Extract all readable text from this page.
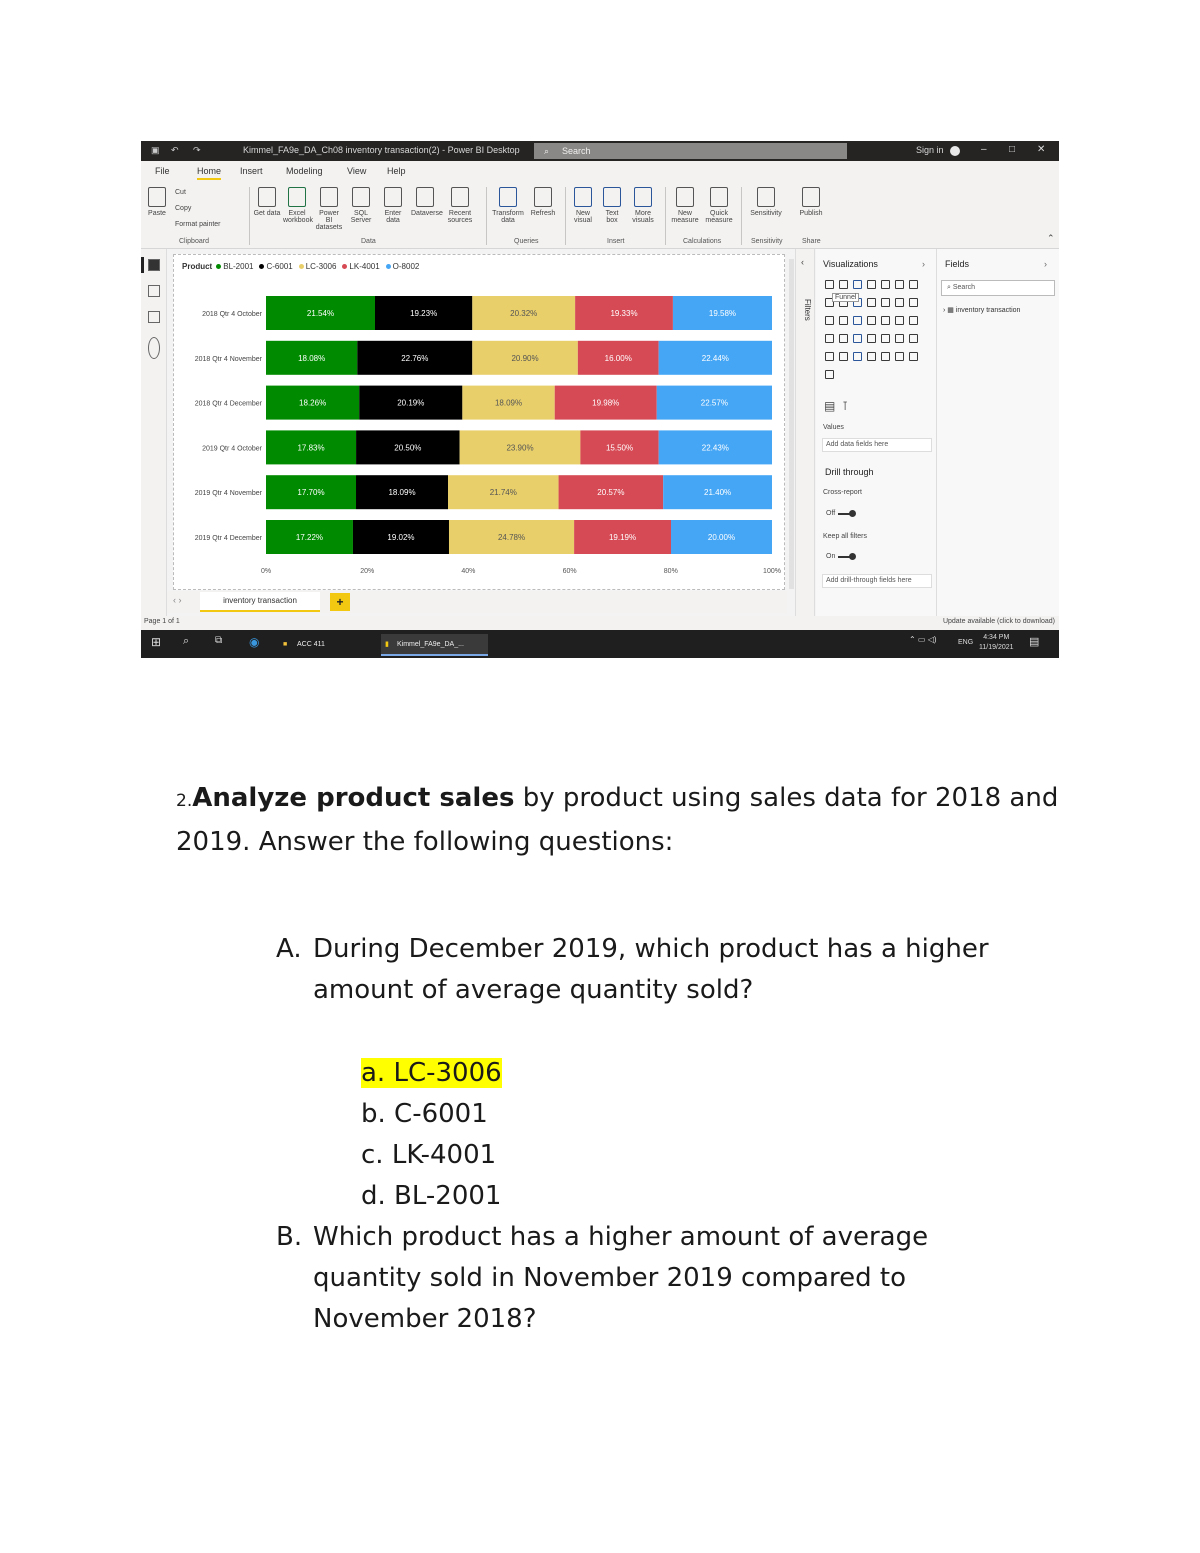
▣ ↶ ↷	Kimmel_FA9e_DA_Ch08 inventory transaction(2) - Power BI Desktop	⌕ Search	Sign in	– □ ✕
File	Home Insert	Modeling	View Help
Paste
Cut
Copy
Format painter
Clipboard
Get data	Excel workbook
Power BI datasets
SQL Server
Enter data
Dataverse Recent sources
Data
Transform data
Refresh
Queries
New visual
Text box
More visuals
Insert
New measure
Quick measure
Calculations
Sensitivity
Sensitivity
Publish
Share	⌃
Product BL-2001 C-6001 LC-3006 LK-4001 O-8002
2018 Qtr 4 October	21.54%	19.23%	20.32%	19.33%	19.58%
2018 Qtr 4 November	18.08%	22.76%	20.90%	16.00%	22.44%
2018 Qtr 4 December	18.26%	20.19%	18.09%	19.98%	22.57%
2019 Qtr 4 October	17.83%	20.50%	23.90%	15.50%	22.43%
2019 Qtr 4 November	17.70%	18.09%	21.74%	20.57%	21.40%
2019 Qtr 4 December	17.22%	19.02%	24.78%	19.19%	20.00%
0%	20%	40%	60%	80%	100%
‹ ›	inventory transaction	+
Page 1 of 1	Update available (click to download)
‹
Filters
Visualizations	›
Funnel
▤ ⊺
Values
Add data fields here
Drill through
Cross-report
Off
Keep all filters
On
Add drill-through fields here
Fields	›
⌕ Search
› ▦ inventory transaction
⊞ ⌕	⧉ ◉	■ ACC 411	▮ Kimmel_FA9e_DA_...
⌃ ▭ ◁)	ENG
4:34 PM
11/19/2021 ▤
2.Analyze product sales by product using sales data for 2018 and 2019. Answer the following questions:
A. During December 2019, which product has a higher amount of average quantity sold?
a. LC-3006
b. C-6001
c. LK-4001
d. BL-2001
B. Which product has a higher amount of average quantity sold in November 2019 compared to November 2018?
